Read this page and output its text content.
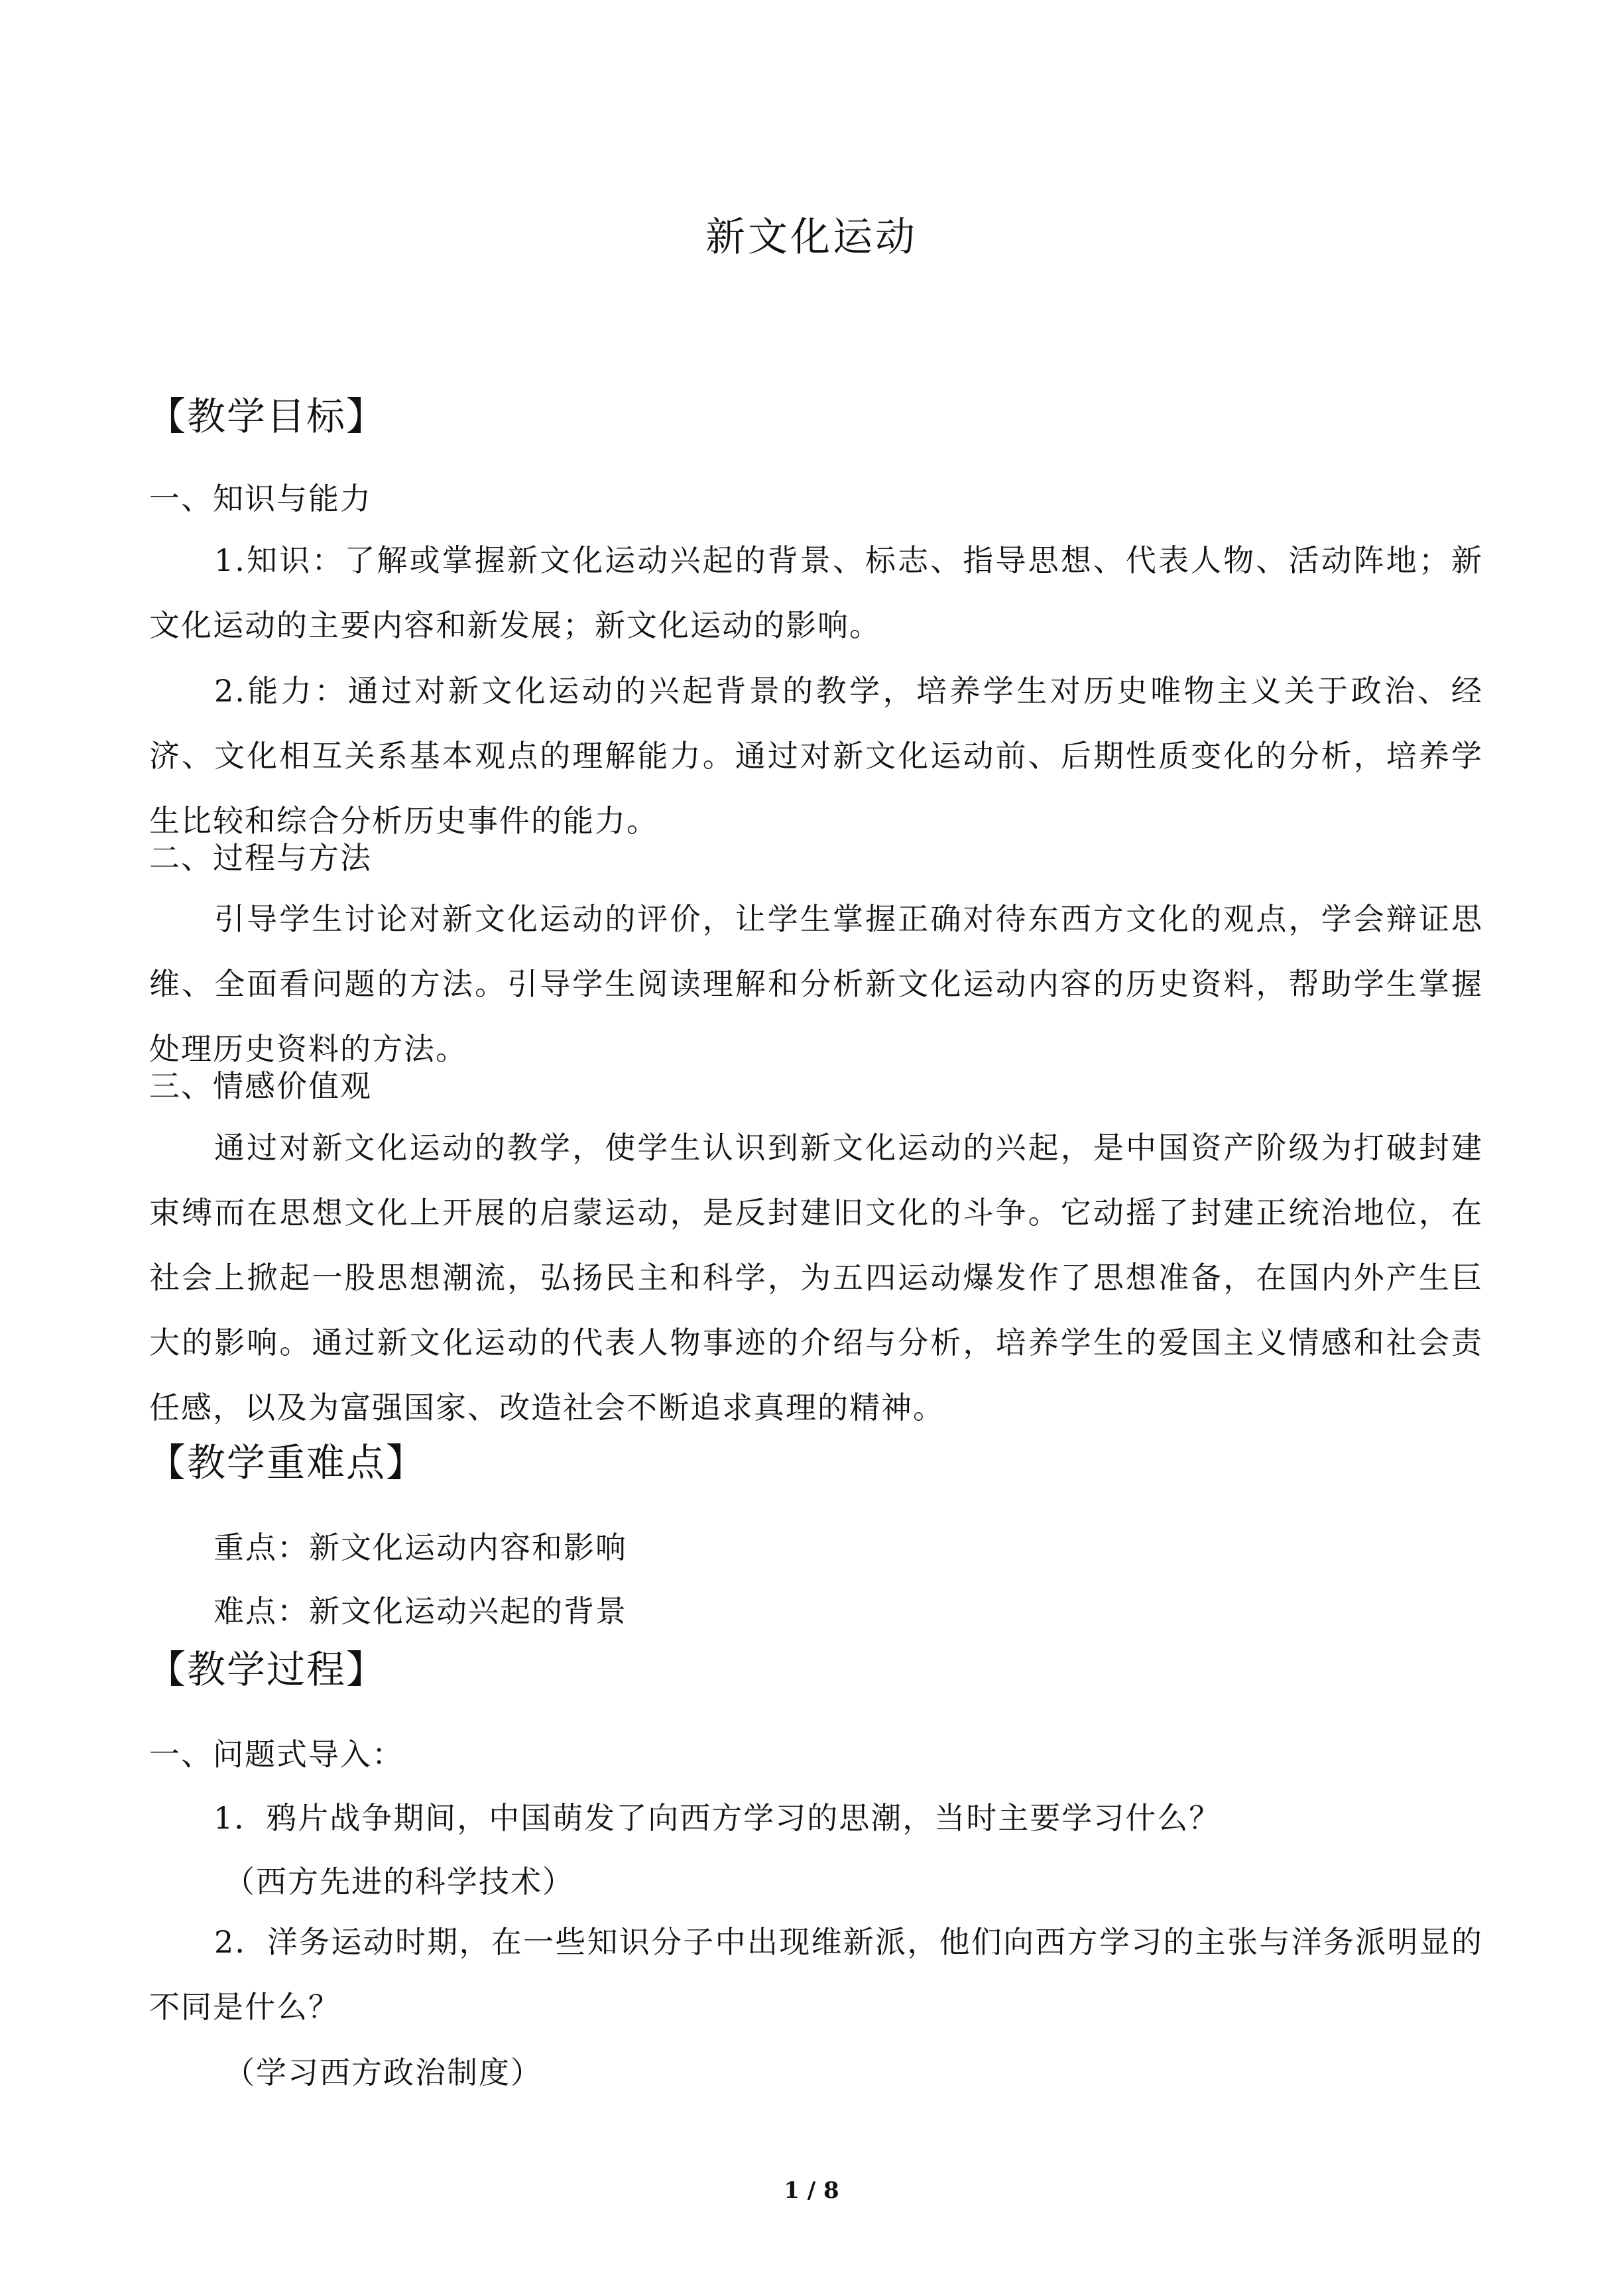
新文化运动
【教学目标】
一、知识与能力
1.知识：了解或掌握新文化运动兴起的背景、标志、指导思想、代表人物、活动阵地；新文化运动的主要内容和新发展；新文化运动的影响。
2.能力：通过对新文化运动的兴起背景的教学，培养学生对历史唯物主义关于政治、经济、文化相互关系基本观点的理解能力。通过对新文化运动前、后期性质变化的分析，培养学生比较和综合分析历史事件的能力。
二、过程与方法
引导学生讨论对新文化运动的评价，让学生掌握正确对待东西方文化的观点，学会辩证思维、全面看问题的方法。引导学生阅读理解和分析新文化运动内容的历史资料，帮助学生掌握处理历史资料的方法。
三、情感价值观
通过对新文化运动的教学，使学生认识到新文化运动的兴起，是中国资产阶级为打破封建束缚而在思想文化上开展的启蒙运动，是反封建旧文化的斗争。它动摇了封建正统治地位，在社会上掀起一股思想潮流，弘扬民主和科学，为五四运动爆发作了思想准备，在国内外产生巨大的影响。通过新文化运动的代表人物事迹的介绍与分析，培养学生的爱国主义情感和社会责任感，以及为富强国家、改造社会不断追求真理的精神。
【教学重难点】
重点：新文化运动内容和影响
难点：新文化运动兴起的背景
【教学过程】
一、问题式导入：
1．鸦片战争期间，中国萌发了向西方学习的思潮，当时主要学习什么？
（西方先进的科学技术）
2．洋务运动时期，在一些知识分子中出现维新派，他们向西方学习的主张与洋务派明显的不同是什么？
（学习西方政治制度）
1 / 8
